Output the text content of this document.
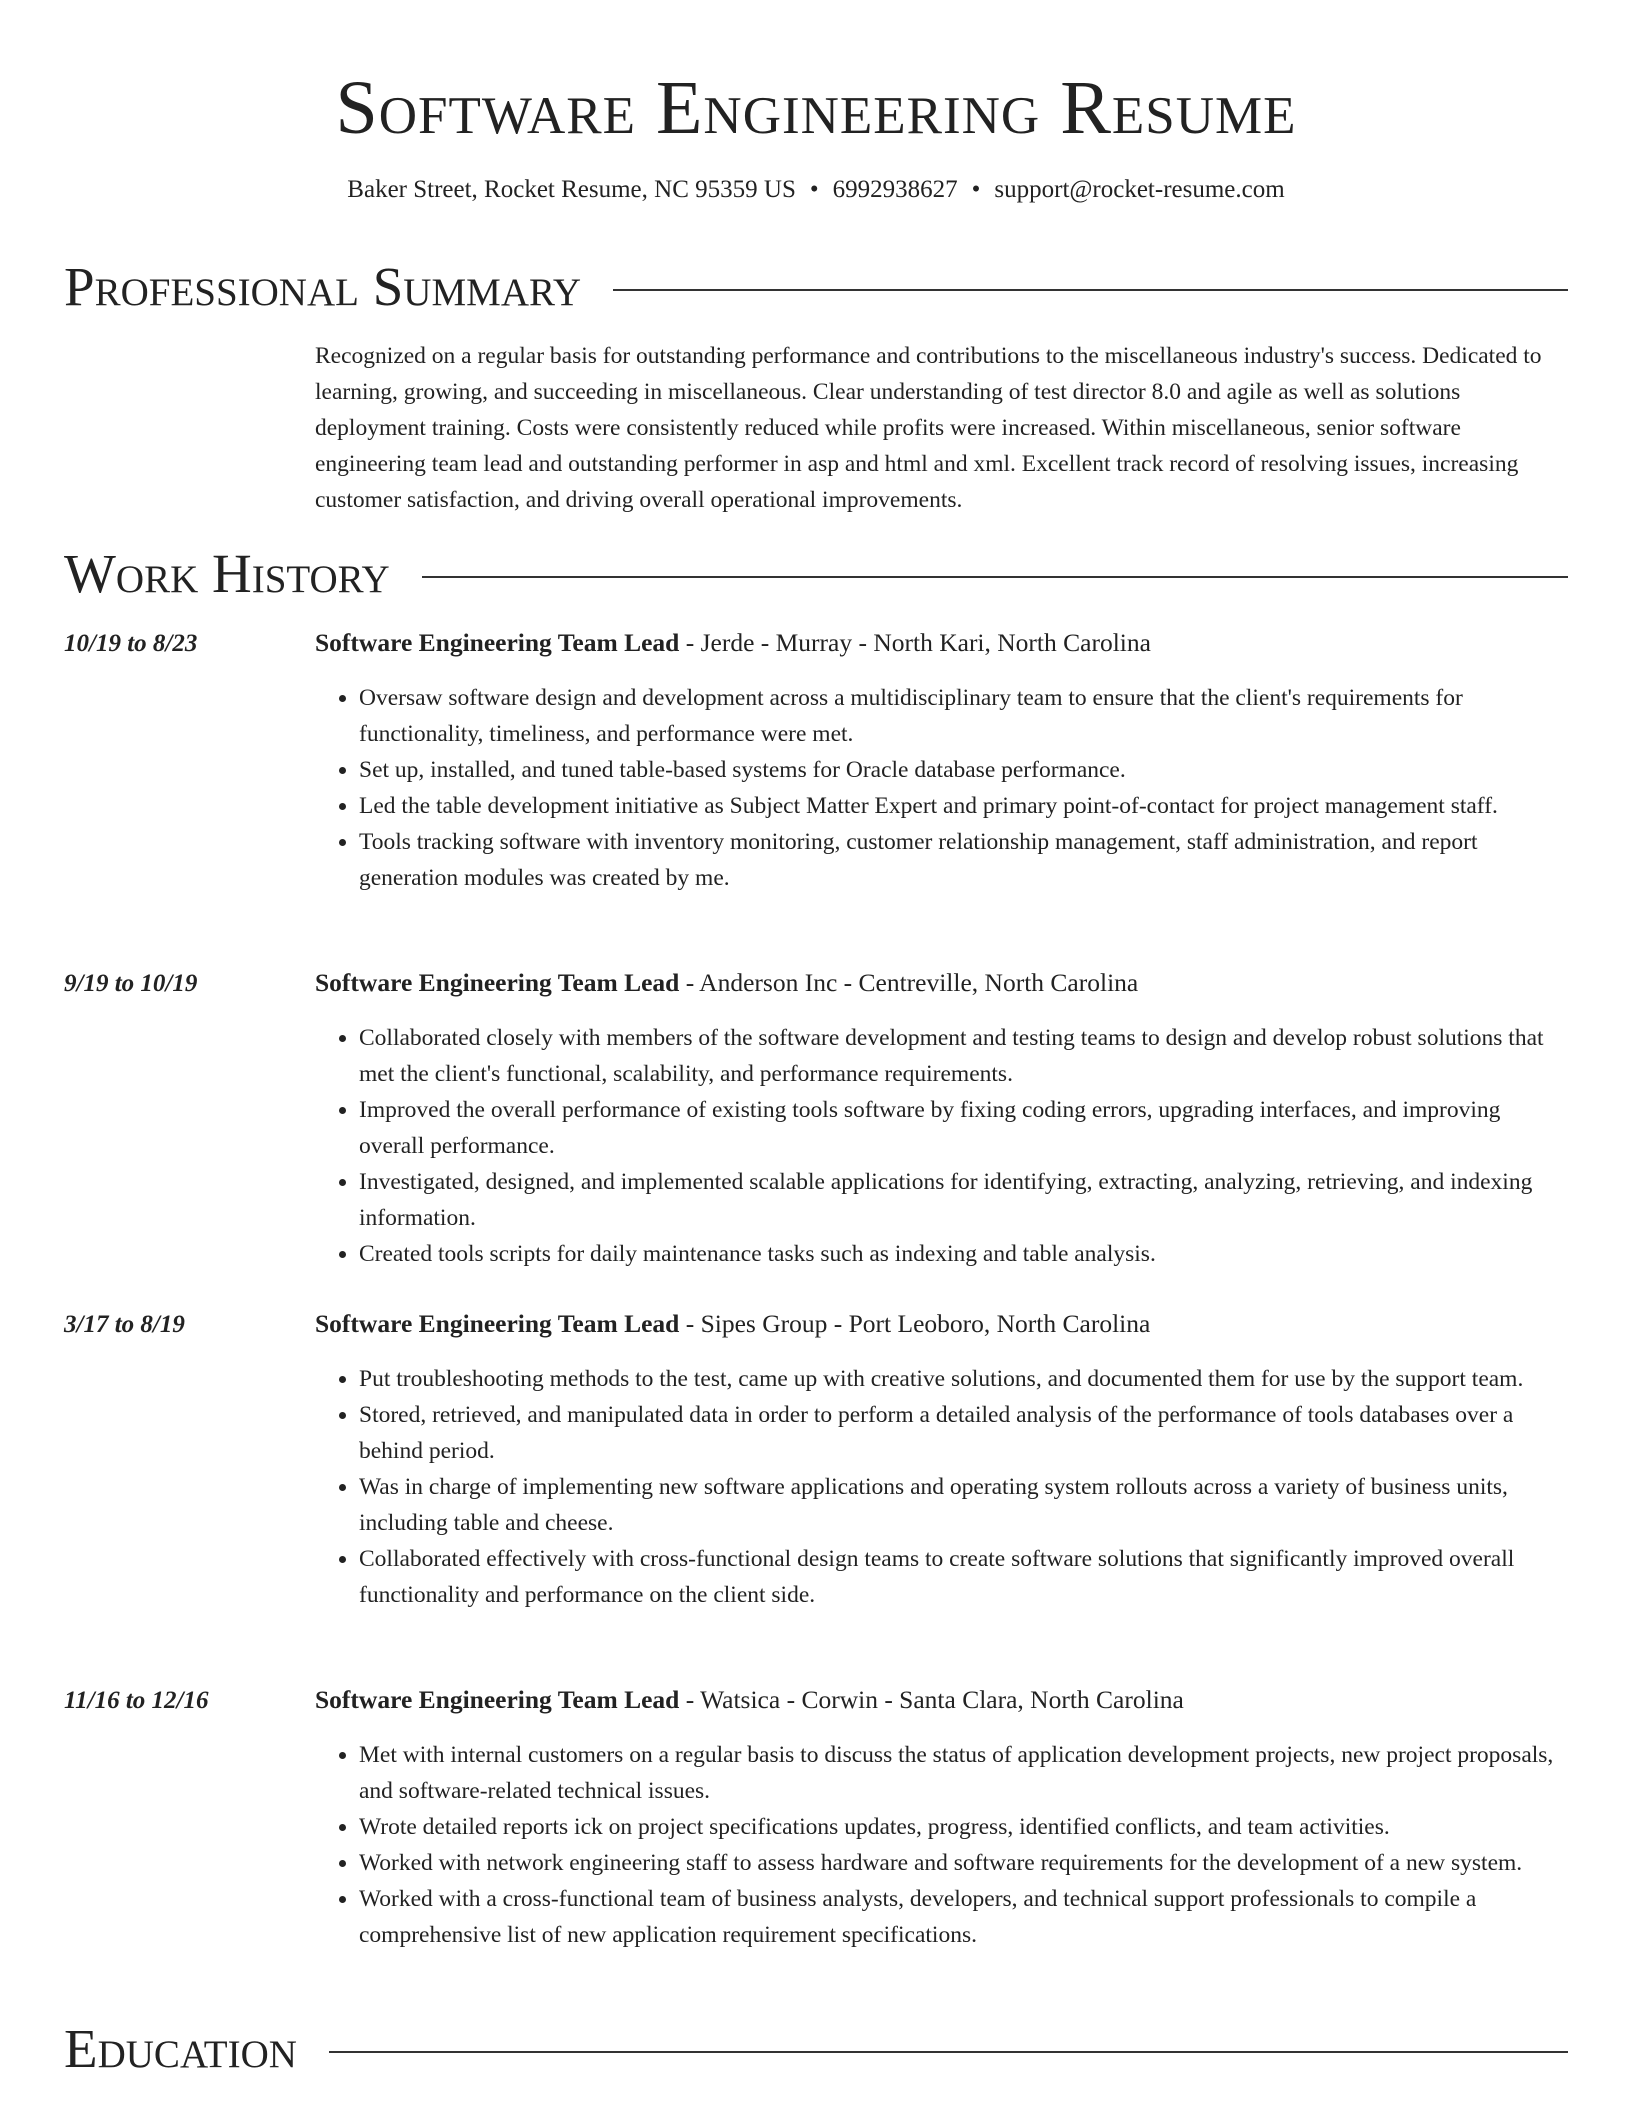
Software Engineering Resume
Baker Street, Rocket Resume, NC 95359 US • 6992938627 • support@rocket-resume.com
Professional Summary

Recognized on a regular basis for outstanding performance and contributions to the miscellaneous industry's success. Dedicated to learning, growing, and succeeding in miscellaneous. Clear understanding of test director 8.0 and agile as well as solutions deployment training. Costs were consistently reduced while profits were increased. Within miscellaneous, senior software engineering team lead and outstanding performer in asp and html and xml. Excellent track record of resolving issues, increasing customer satisfaction, and driving overall operational improvements.

Work History
10/19 to 8/23	Software Engineering Team Lead - Jerde - Murray - North Kari, North Carolina
• Oversaw software design and development across a multidisciplinary team to ensure that the client's requirements for functionality, timeliness, and performance were met.
• Set up, installed, and tuned table-based systems for Oracle database performance.
• Led the table development initiative as Subject Matter Expert and primary point-of-contact for project management staff.
• Tools tracking software with inventory monitoring, customer relationship management, staff administration, and report generation modules was created by me.
9/19 to 10/19	Software Engineering Team Lead - Anderson Inc - Centreville, North Carolina
• Collaborated closely with members of the software development and testing teams to design and develop robust solutions that met the client's functional, scalability, and performance requirements.
• Improved the overall performance of existing tools software by fixing coding errors, upgrading interfaces, and improving overall performance.
• Investigated, designed, and implemented scalable applications for identifying, extracting, analyzing, retrieving, and indexing information.
• Created tools scripts for daily maintenance tasks such as indexing and table analysis.
3/17 to 8/19	Software Engineering Team Lead - Sipes Group - Port Leoboro, North Carolina
• Put troubleshooting methods to the test, came up with creative solutions, and documented them for use by the support team.
• Stored, retrieved, and manipulated data in order to perform a detailed analysis of the performance of tools databases over a behind period.
• Was in charge of implementing new software applications and operating system rollouts across a variety of business units, including table and cheese.
• Collaborated effectively with cross-functional design teams to create software solutions that significantly improved overall functionality and performance on the client side.
11/16 to 12/16	Software Engineering Team Lead - Watsica - Corwin - Santa Clara, North Carolina
• Met with internal customers on a regular basis to discuss the status of application development projects, new project proposals, and software-related technical issues.
• Wrote detailed reports ick on project specifications updates, progress, identified conflicts, and team activities.
• Worked with network engineering staff to assess hardware and software requirements for the development of a new system.
• Worked with a cross-functional team of business analysts, developers, and technical support professionals to compile a comprehensive list of new application requirement specifications.
Education
